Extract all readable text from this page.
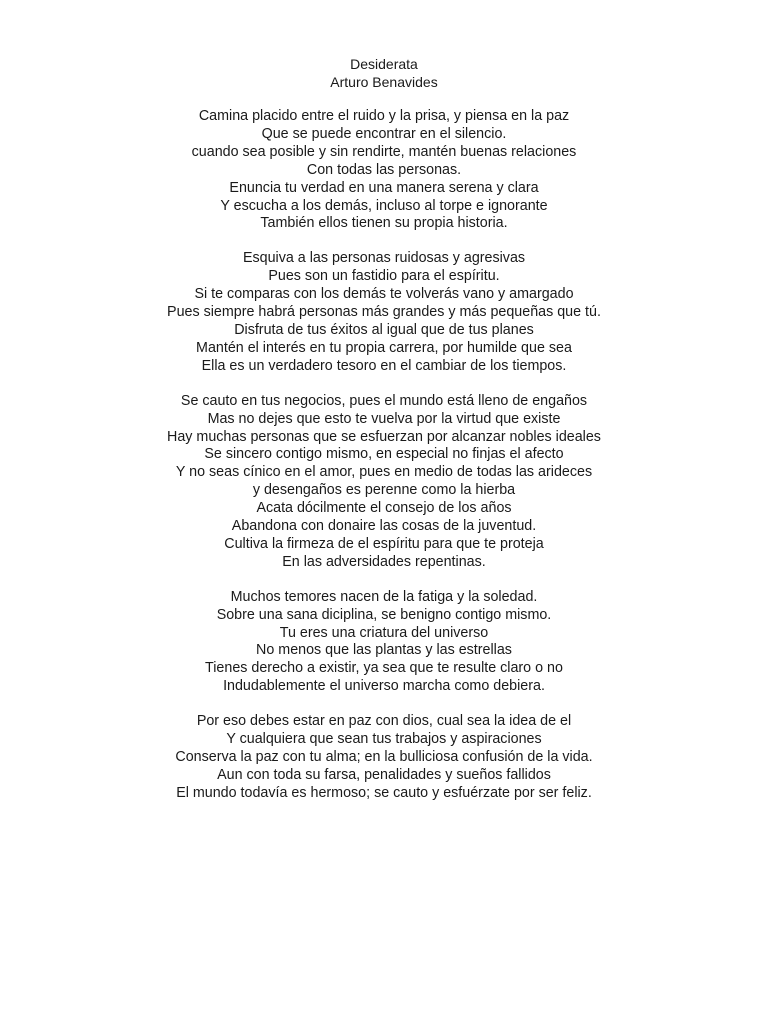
Desiderata

Arturo Benavides

Camina placido entre el ruido y la prisa, y piensa en la paz

Que se puede encontrar en el silencio.

cuando sea posible y sin rendirte, mantén buenas relaciones

Con todas las personas.

Enuncia tu verdad en una manera serena y clara

Y escucha a los demás, incluso al torpe e ignorante

También ellos tienen su propia historia.

Esquiva a las personas ruidosas y agresivas

Pues son un fastidio para el espíritu.

Si te comparas con los demás te volverás vano y amargado

Pues siempre habrá personas más grandes y más pequeñas que tú.

Disfruta de tus éxitos al igual que de tus planes

Mantén el interés en tu propia carrera, por humilde que sea

Ella es un verdadero tesoro en el cambiar de los tiempos.

Se cauto en tus negocios, pues el mundo está lleno de engaños

Mas no dejes que esto te vuelva por la virtud que existe

Hay muchas personas que se esfuerzan por alcanzar nobles ideales

Se sincero contigo mismo, en especial no finjas el afecto

Y no seas cínico en el amor, pues en medio de todas las arideces

y desengaños es perenne como la hierba

Acata dócilmente el consejo de los años

Abandona con donaire las cosas de la juventud.

Cultiva la firmeza de el espíritu para que te proteja

En las adversidades repentinas.

Muchos temores nacen de la fatiga y la soledad.

Sobre una sana diciplina, se benigno contigo mismo.

Tu eres una criatura del universo

No menos que las plantas y las estrellas

Tienes derecho a existir, ya sea que te resulte claro o no

Indudablemente el universo marcha como debiera.

Por eso debes estar en paz con dios, cual sea la idea de el

Y cualquiera que sean tus trabajos y aspiraciones

Conserva la paz con tu alma; en la bulliciosa confusión de la vida.

Aun con toda su farsa, penalidades y sueños fallidos

El mundo todavía es hermoso; se cauto y esfuérzate por ser feliz.
